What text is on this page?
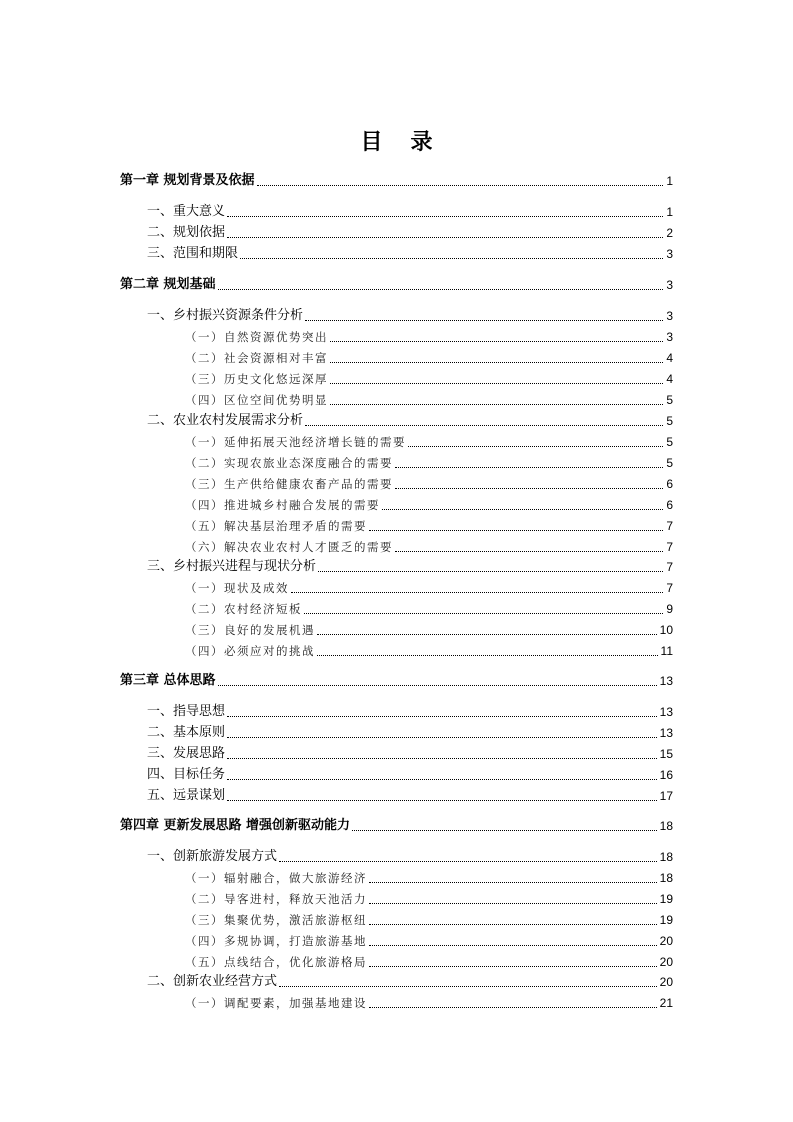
目 录
第一章 规划背景及依据	1
一、重大意义	1
二、规划依据	2
三、范围和期限	3
第二章 规划基础	3
一、乡村振兴资源条件分析	3
（一）自然资源优势突出	3
（二）社会资源相对丰富	4
（三）历史文化悠远深厚	4
（四）区位空间优势明显	5
二、农业农村发展需求分析	5
（一）延伸拓展天池经济增长链的需要	5
（二）实现农旅业态深度融合的需要	5
（三）生产供给健康农畜产品的需要	6
（四）推进城乡村融合发展的需要	6
（五）解决基层治理矛盾的需要	7
（六）解决农业农村人才匮乏的需要	7
三、乡村振兴进程与现状分析	7
（一）现状及成效	7
（二）农村经济短板	9
（三）良好的发展机遇	10
（四）必须应对的挑战	11
第三章 总体思路	13
一、指导思想	13
二、基本原则	13
三、发展思路	15
四、目标任务	16
五、远景谋划	17
第四章 更新发展思路 增强创新驱动能力	18
一、创新旅游发展方式	18
（一）辐射融合，做大旅游经济	18
（二）导客进村，释放天池活力	19
（三）集聚优势，激活旅游枢纽	19
（四）多规协调，打造旅游基地	20
（五）点线结合，优化旅游格局	20
二、创新农业经营方式	20
（一）调配要素，加强基地建设	21
